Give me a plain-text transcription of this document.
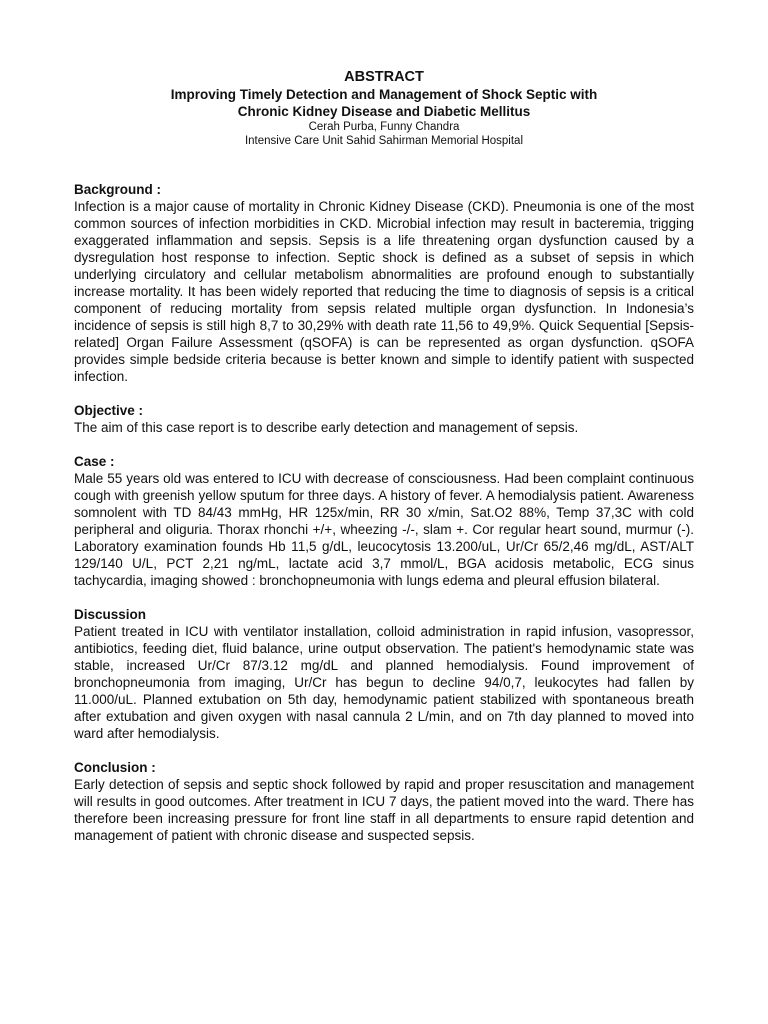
ABSTRACT

Improving Timely Detection and Management of Shock Septic with
Chronic Kidney Disease and Diabetic Mellitus

Cerah Purba, Funny Chandra

Intensive Care Unit Sahid Sahirman Memorial Hospital

Background :

Infection is a major cause of mortality in Chronic Kidney Disease (CKD). Pneumonia is one of the most common sources of infection morbidities in CKD. Microbial infection may result in bacteremia, trigging exaggerated inflammation and sepsis. Sepsis is a life threatening organ dysfunction caused by a dysregulation host response to infection. Septic shock is defined as a subset of sepsis in which underlying circulatory and cellular metabolism abnormalities are profound enough to substantially increase mortality. It has been widely reported that reducing the time to diagnosis of sepsis is a critical component of reducing mortality from sepsis related multiple organ dysfunction. In Indonesia’s incidence of sepsis is still high 8,7 to 30,29% with death rate 11,56 to 49,9%. Quick Sequential [Sepsis-related] Organ Failure Assessment (qSOFA) is can be represented as organ dysfunction. qSOFA provides simple bedside criteria because is better known and simple to identify patient with suspected infection.

Objective :

The aim of this case report is to describe early detection and management of sepsis.

Case :

Male 55 years old was entered to ICU with decrease of consciousness. Had been complaint continuous cough with greenish yellow sputum for three days. A history of fever. A hemodialysis patient. Awareness somnolent with TD 84/43 mmHg, HR 125x/min, RR 30 x/min, Sat.O2 88%, Temp 37,3C with cold peripheral and oliguria. Thorax rhonchi +/+, wheezing -/-, slam +. Cor regular heart sound, murmur (-). Laboratory examination founds Hb 11,5 g/dL, leucocytosis 13.200/uL, Ur/Cr 65/2,46 mg/dL, AST/ALT 129/140 U/L, PCT 2,21 ng/mL, lactate acid 3,7 mmol/L, BGA acidosis metabolic, ECG sinus tachycardia, imaging showed : bronchopneumonia with lungs edema and pleural effusion bilateral.

Discussion

Patient treated in ICU with ventilator installation, colloid administration in rapid infusion, vasopressor, antibiotics, feeding diet, fluid balance, urine output observation. The patient's hemodynamic state was stable, increased Ur/Cr 87/3.12 mg/dL and planned hemodialysis. Found improvement of bronchopneumonia from imaging, Ur/Cr has begun to decline 94/0,7, leukocytes had fallen by 11.000/uL. Planned extubation on 5th day, hemodynamic patient stabilized with spontaneous breath after extubation and given oxygen with nasal cannula 2 L/min, and on 7th day planned to moved into ward after hemodialysis.

Conclusion :

Early detection of sepsis and septic shock followed by rapid and proper resuscitation and management will results in good outcomes. After treatment in ICU 7 days, the patient moved into the ward. There has therefore been increasing pressure for front line staff in all departments to ensure rapid detention and management of patient with chronic disease and suspected sepsis.
